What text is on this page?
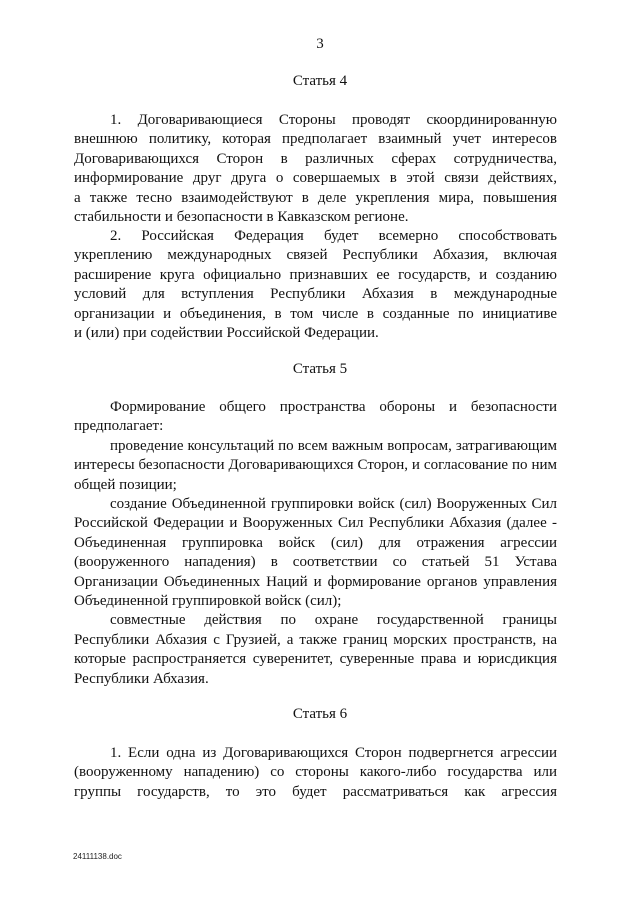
3
Статья 4
1. Договаривающиеся Стороны проводят скоординированную
внешнюю политику, которая предполагает взаимный учет интересов
Договаривающихся Сторон в различных сферах сотрудничества,
информирование друг друга о совершаемых в этой связи действиях,
а также тесно взаимодействуют в деле укрепления мира, повышения
стабильности и безопасности в Кавказском регионе.
2. Российская Федерация будет всемерно способствовать
укреплению международных связей Республики Абхазия, включая
расширение круга официально признавших ее государств, и созданию
условий для вступления Республики Абхазия в международные
организации и объединения, в том числе в созданные по инициативе
и (или) при содействии Российской Федерации.
Статья 5
Формирование общего пространства обороны и безопасности
предполагает:
проведение консультаций по всем важным вопросам, затрагивающим
интересы безопасности Договаривающихся Сторон, и согласование по ним
общей позиции;
создание Объединенной группировки войск (сил) Вооруженных Сил
Российской Федерации и Вооруженных Сил Республики Абхазия (далее -
Объединенная группировка войск (сил) для отражения агрессии
(вооруженного нападения) в соответствии со статьей 51 Устава
Организации Объединенных Наций и формирование органов управления
Объединенной группировкой войск (сил);
совместные действия по охране государственной границы
Республики Абхазия с Грузией, а также границ морских пространств, на
которые распространяется суверенитет, суверенные права и юрисдикция
Республики Абхазия.
Статья 6
1. Если одна из Договаривающихся Сторон подвергнется агрессии
(вооруженному нападению) со стороны какого-либо государства или
группы государств, то это будет рассматриваться как агрессия
24111138.doc
